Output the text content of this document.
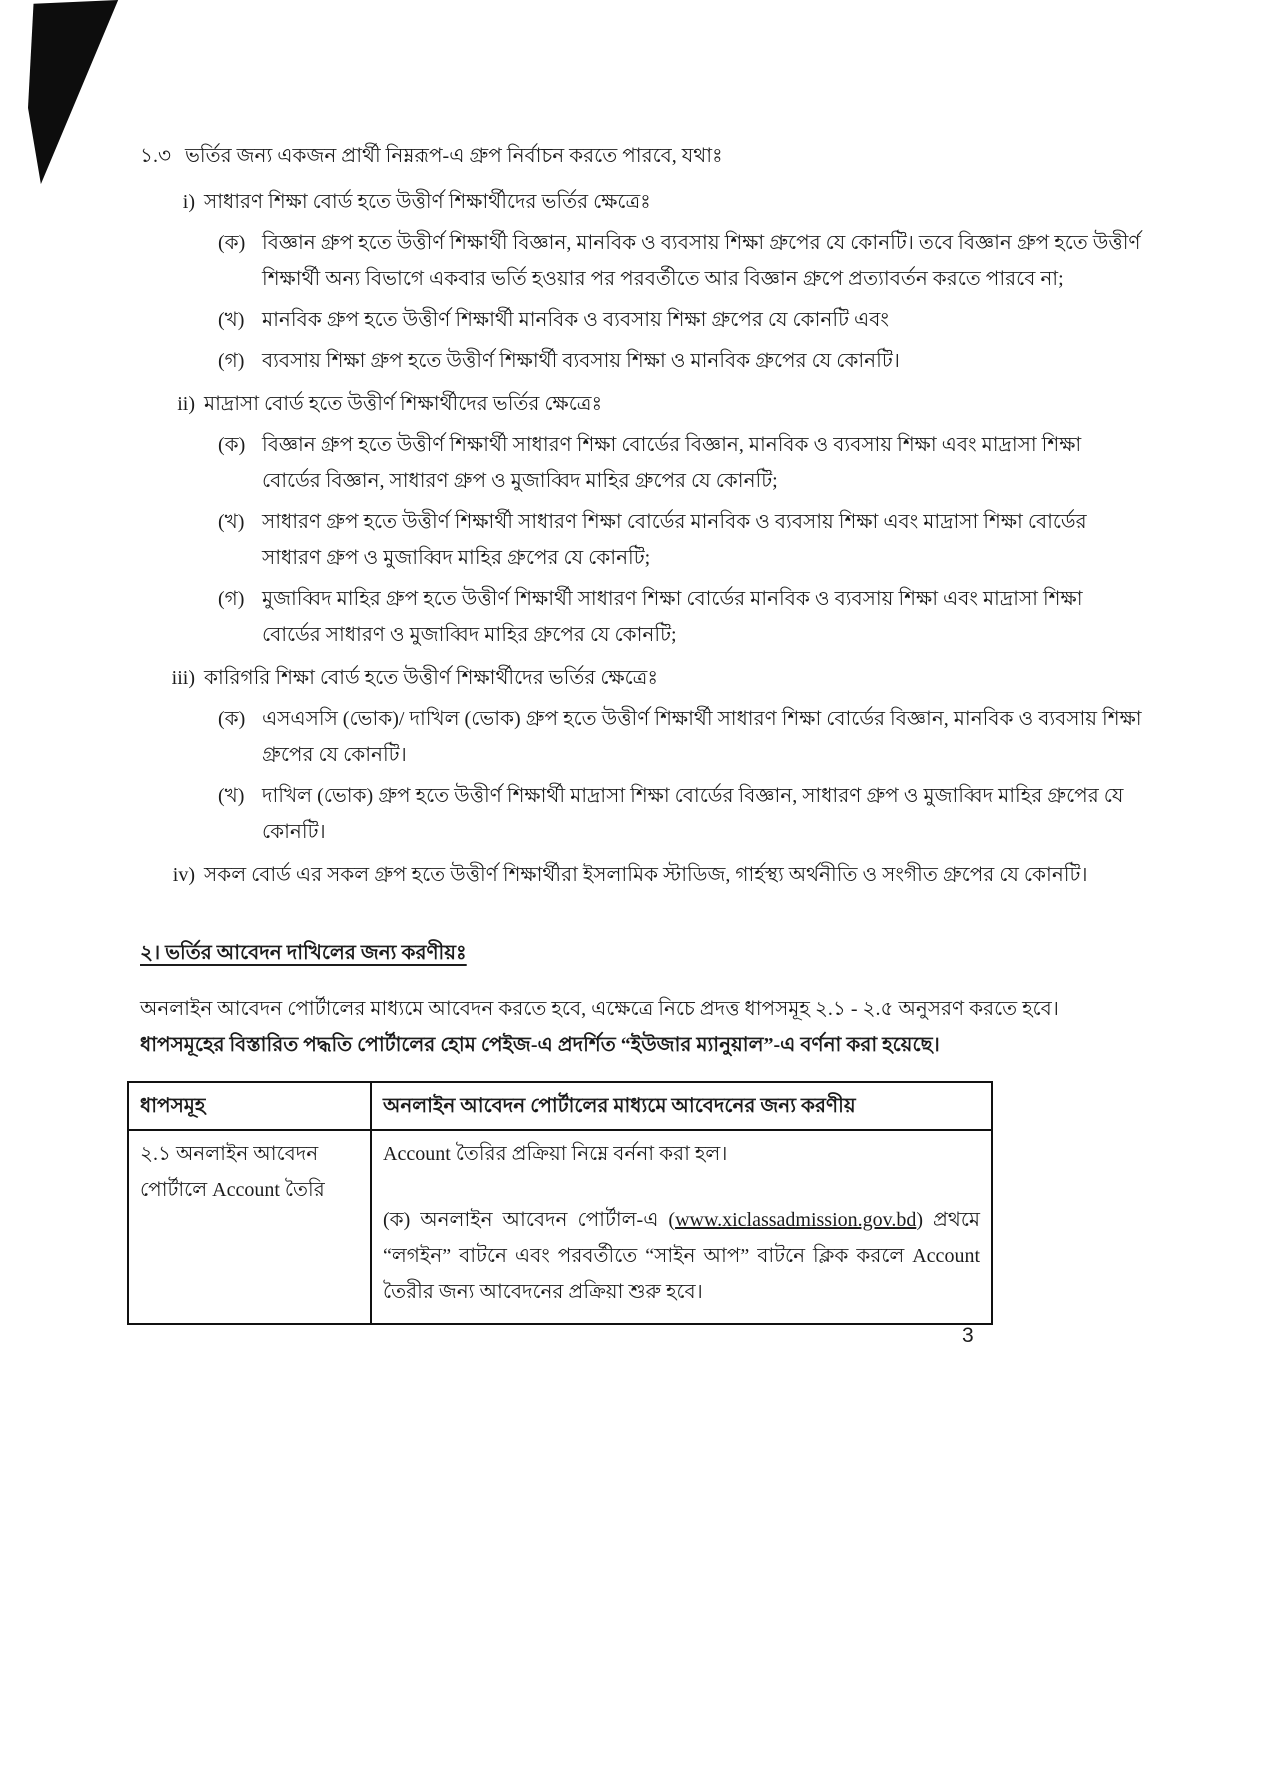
১.৩ ভর্তির জন্য একজন প্রার্থী নিম্নরূপ-এ গ্রুপ নির্বাচন করতে পারবে, যথাঃ
i) সাধারণ শিক্ষা বোর্ড হতে উত্তীর্ণ শিক্ষার্থীদের ভর্তির ক্ষেত্রেঃ
(ক) বিজ্ঞান গ্রুপ হতে উত্তীর্ণ শিক্ষার্থী বিজ্ঞান, মানবিক ও ব্যবসায় শিক্ষা গ্রুপের যে কোনটি। তবে বিজ্ঞান গ্রুপ হতে উত্তীর্ণ শিক্ষার্থী অন্য বিভাগে একবার ভর্তি হওয়ার পর পরবর্তীতে আর বিজ্ঞান গ্রুপে প্রত্যাবর্তন করতে পারবে না;
(খ) মানবিক গ্রুপ হতে উত্তীর্ণ শিক্ষার্থী মানবিক ও ব্যবসায় শিক্ষা গ্রুপের যে কোনটি এবং
(গ) ব্যবসায় শিক্ষা গ্রুপ হতে উত্তীর্ণ শিক্ষার্থী ব্যবসায় শিক্ষা ও মানবিক গ্রুপের যে কোনটি।
ii) মাদ্রাসা বোর্ড হতে উত্তীর্ণ শিক্ষার্থীদের ভর্তির ক্ষেত্রেঃ
(ক) বিজ্ঞান গ্রুপ হতে উত্তীর্ণ শিক্ষার্থী সাধারণ শিক্ষা বোর্ডের বিজ্ঞান, মানবিক ও ব্যবসায় শিক্ষা এবং মাদ্রাসা শিক্ষা বোর্ডের বিজ্ঞান, সাধারণ গ্রুপ ও মুজাব্বিদ মাহির গ্রুপের যে কোনটি;
(খ) সাধারণ গ্রুপ হতে উত্তীর্ণ শিক্ষার্থী সাধারণ শিক্ষা বোর্ডের মানবিক ও ব্যবসায় শিক্ষা এবং মাদ্রাসা শিক্ষা বোর্ডের সাধারণ গ্রুপ ও মুজাব্বিদ মাহির গ্রুপের যে কোনটি;
(গ) মুজাব্বিদ মাহির গ্রুপ হতে উত্তীর্ণ শিক্ষার্থী সাধারণ শিক্ষা বোর্ডের মানবিক ও ব্যবসায় শিক্ষা এবং মাদ্রাসা শিক্ষা বোর্ডের সাধারণ ও মুজাব্বিদ মাহির গ্রুপের যে কোনটি;
iii) কারিগরি শিক্ষা বোর্ড হতে উত্তীর্ণ শিক্ষার্থীদের ভর্তির ক্ষেত্রেঃ
(ক) এসএসসি (ভোক)/ দাখিল (ভোক) গ্রুপ হতে উত্তীর্ণ শিক্ষার্থী সাধারণ শিক্ষা বোর্ডের বিজ্ঞান, মানবিক ও ব্যবসায় শিক্ষা গ্রুপের যে কোনটি।
(খ) দাখিল (ভোক) গ্রুপ হতে উত্তীর্ণ শিক্ষার্থী মাদ্রাসা শিক্ষা বোর্ডের বিজ্ঞান, সাধারণ গ্রুপ ও মুজাব্বিদ মাহির গ্রুপের যে কোনটি।
iv) সকল বোর্ড এর সকল গ্রুপ হতে উত্তীর্ণ শিক্ষার্থীরা ইসলামিক স্টাডিজ, গার্হস্থ্য অর্থনীতি ও সংগীত গ্রুপের যে কোনটি।
২। ভর্তির আবেদন দাখিলের জন্য করণীয়ঃ
অনলাইন আবেদন পোর্টালের মাধ্যমে আবেদন করতে হবে, এক্ষেত্রে নিচে প্রদত্ত ধাপসমূহ ২.১ - ২.৫ অনুসরণ করতে হবে।
ধাপসমূহের বিস্তারিত পদ্ধতি পোর্টালের হোম পেইজ-এ প্রদর্শিত “ইউজার ম্যানুয়াল”-এ বর্ণনা করা হয়েছে।
ধাপসমূহ	অনলাইন আবেদন পোর্টালের মাধ্যমে আবেদনের জন্য করণীয়
২.১ অনলাইন আবেদন পোর্টালে Account তৈরি	Account তৈরির প্রক্রিয়া নিম্নে বর্ননা করা হল।

(ক) অনলাইন আবেদন পোর্টাল-এ (www.xiclassadmission.gov.bd) প্রথমে “লগইন” বাটনে এবং পরবর্তীতে “সাইন আপ” বাটনে ক্লিক করলে Account তৈরীর জন্য আবেদনের প্রক্রিয়া শুরু হবে।

3
